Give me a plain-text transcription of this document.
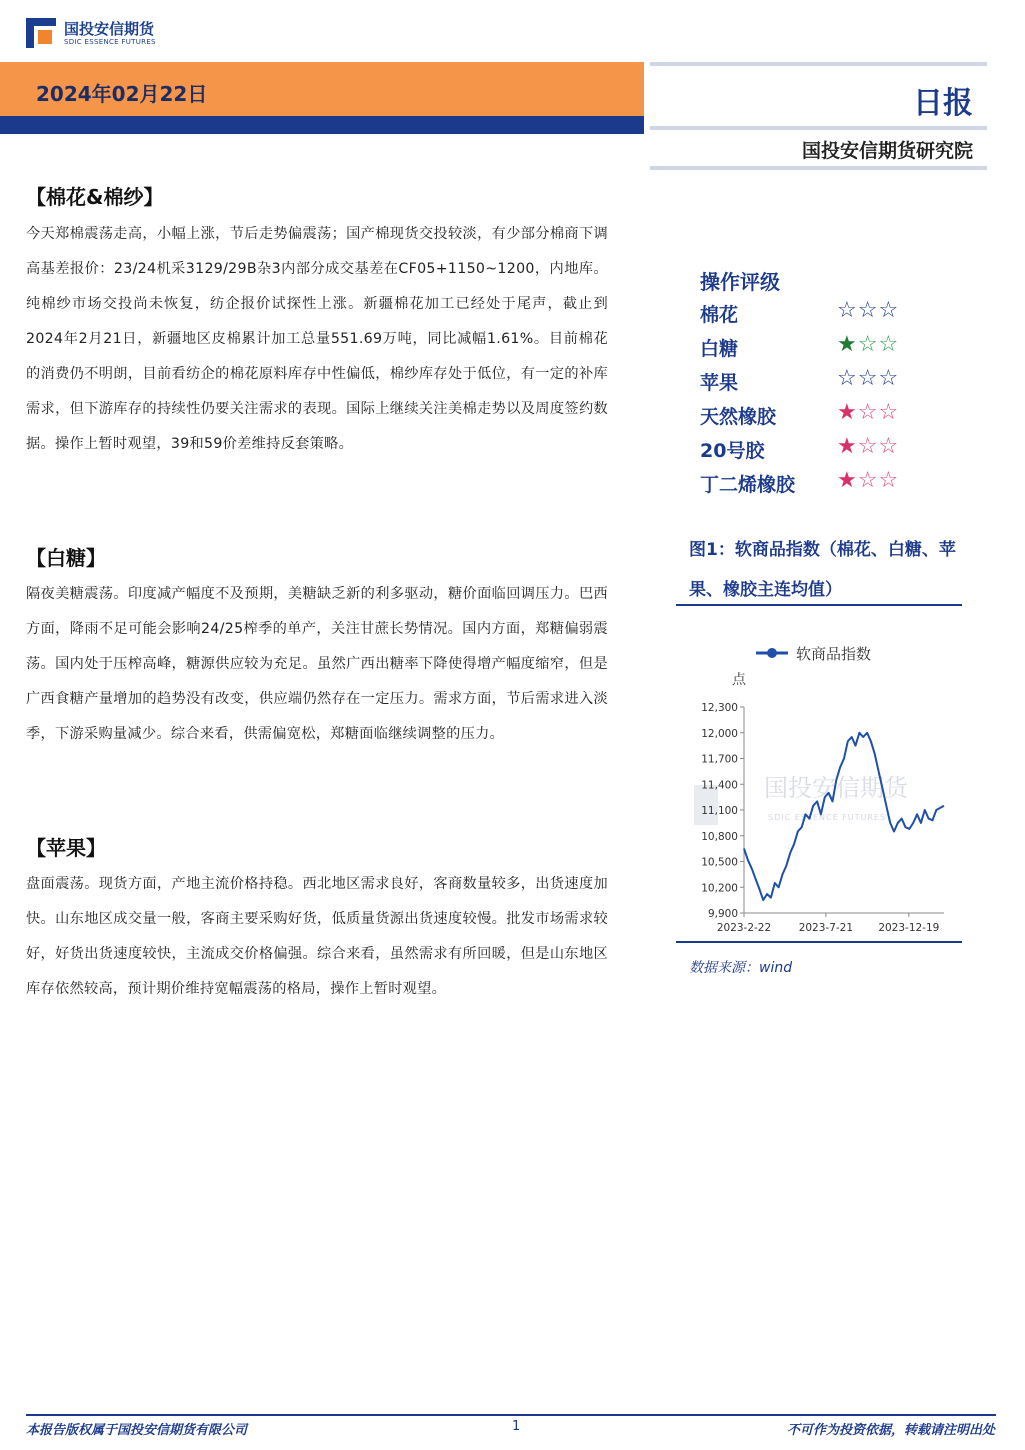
国投安信期货
SDIC ESSENCE FUTURES
2024年02月22日	日报
国投安信期货研究院
【棉花&棉纱】
今天郑棉震荡走高，小幅上涨，节后走势偏震荡；国产棉现货交投较淡，有少部分棉商下调高基差报价：23/24机采3129/29B杂3内部分成交基差在CF05+1150~1200，内地库。纯棉纱市场交投尚未恢复，纺企报价试探性上涨。新疆棉花加工已经处于尾声，截止到2024年2月21日，新疆地区皮棉累计加工总量551.69万吨，同比减幅1.61%。目前棉花的消费仍不明朗，目前看纺企的棉花原料库存中性偏低，棉纱库存处于低位，有一定的补库需求，但下游库存的持续性仍要关注需求的表现。国际上继续关注美棉走势以及周度签约数据。操作上暂时观望，39和59价差维持反套策略。
【白糖】
隔夜美糖震荡。印度减产幅度不及预期，美糖缺乏新的利多驱动，糖价面临回调压力。巴西方面，降雨不足可能会影响24/25榨季的单产，关注甘蔗长势情况。国内方面，郑糖偏弱震荡。国内处于压榨高峰，糖源供应较为充足。虽然广西出糖率下降使得增产幅度缩窄，但是广西食糖产量增加的趋势没有改变，供应端仍然存在一定压力。需求方面，节后需求进入淡季，下游采购量减少。综合来看，供需偏宽松，郑糖面临继续调整的压力。
【苹果】
盘面震荡。现货方面，产地主流价格持稳。西北地区需求良好，客商数量较多，出货速度加快。山东地区成交量一般，客商主要采购好货，低质量货源出货速度较慢。批发市场需求较好，好货出货速度较快，主流成交价格偏强。综合来看，虽然需求有所回暖，但是山东地区库存依然较高，预计期价维持宽幅震荡的格局，操作上暂时观望。
操作评级
棉花	☆☆☆
白糖	★☆☆
苹果	☆☆☆
天然橡胶	★☆☆
20号胶	★☆☆
丁二烯橡胶 ★☆☆
图1：软商品指数（棉花、白糖、苹果、橡胶主连均值）
国投安信期货
SDIC ESSENCE FUTURES
软商品指数
点
9,900
10,200
10,500
10,800
11,100
11,400
11,700
12,000
12,300
2023-2-22	2023-7-21 2023-12-19
数据来源：wind
本报告版权属于国投安信期货有限公司	1	不可作为投资依据，转载请注明出处
